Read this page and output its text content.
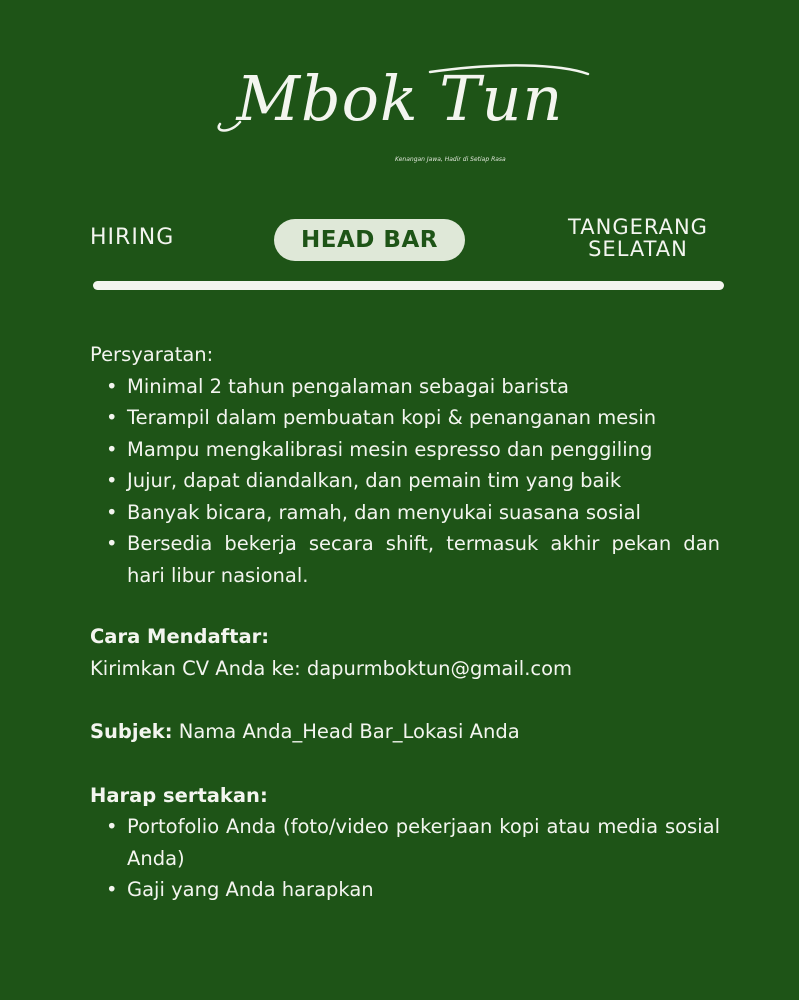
Mbok Tun
Kenangan Jawa, Hadir di Setiap Rasa
HIRING	HEAD BAR	TANGERANG
SELATAN
Persyaratan:
• Minimal 2 tahun pengalaman sebagai barista
• Terampil dalam pembuatan kopi & penanganan mesin
• Mampu mengkalibrasi mesin espresso dan penggiling
• Jujur, dapat diandalkan, dan pemain tim yang baik
• Banyak bicara, ramah, dan menyukai suasana sosial
• Bersedia bekerja secara shift, termasuk akhir pekan dan hari libur nasional.
Cara Mendaftar:
Kirimkan CV Anda ke: dapurmboktun@gmail.com
Subjek: Nama Anda_Head Bar_Lokasi Anda
Harap sertakan:
• Portofolio Anda (foto/video pekerjaan kopi atau media sosial Anda)
• Gaji yang Anda harapkan
